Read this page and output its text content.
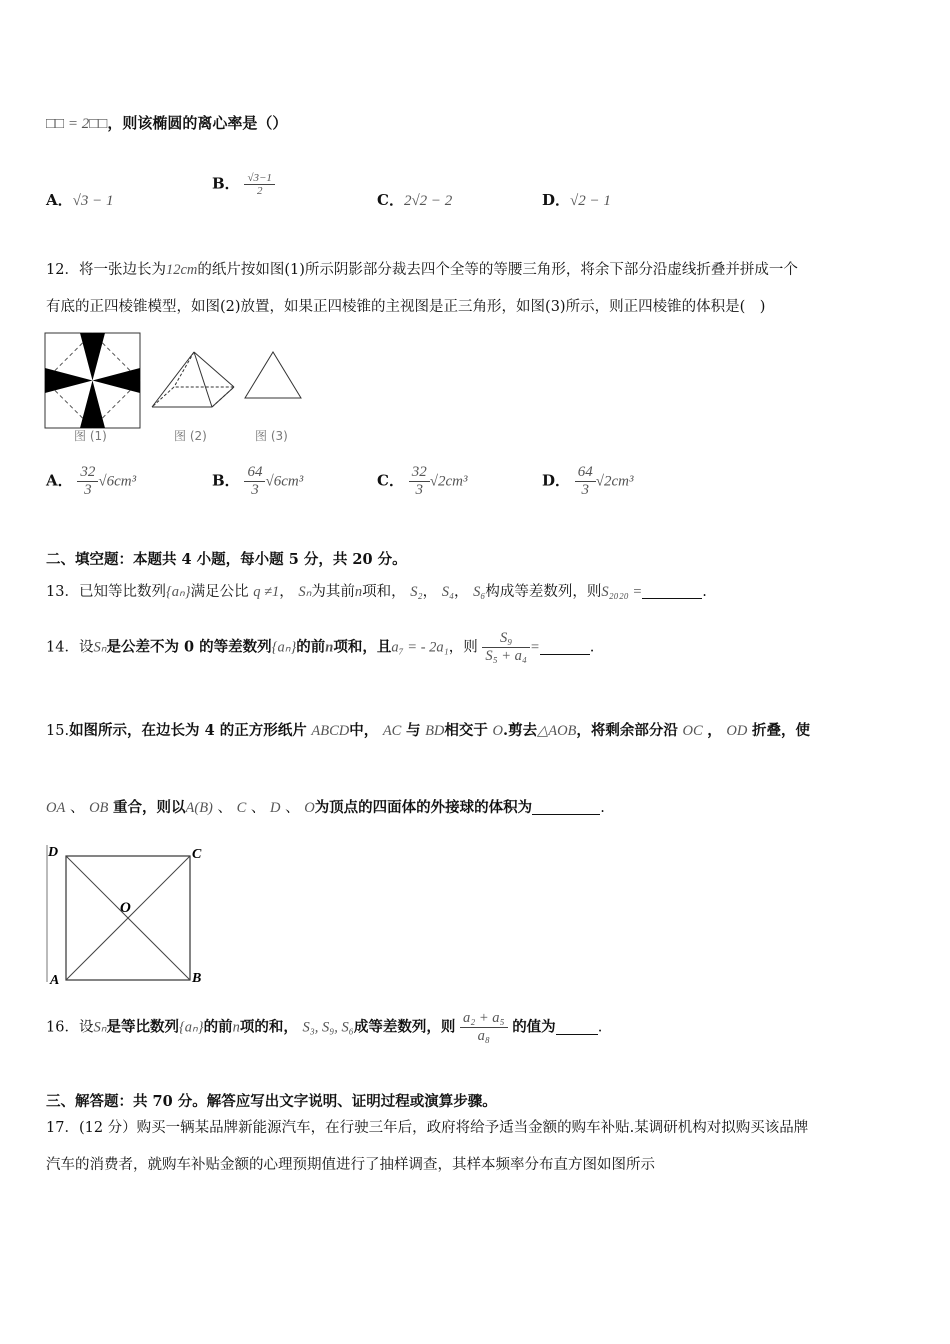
□□ = 2□□，则该椭圆的离心率是（）
A．√3 − 1
B． $\frac{√3-1}{2}$
C．2√2 − 2	D．√2 − 1
12．将一张边长为12cm的纸片按如图(1)所示阴影部分裁去四个全等的等腰三角形，将余下部分沿虚线折叠并拼成一个
有底的正四棱锥模型，如图(2)放置，如果正四棱锥的主视图是正三角形，如图(3)所示，则正四棱锥的体积是(　)
图 (1)	图 (2)	图 (3)
A． $\frac{32}{3} √6cm^3$	B． $\frac{64}{3} √6cm^3$	C． $\frac{32}{3} √2cm^3$	D． $\frac{64}{3} √2cm^3$
二、填空题：本题共 4 小题，每小题 5 分，共 20 分。
13．已知等比数列{aₙ}满足公比 q ≠1， Sₙ为其前n项和， S₂， S₄， S₆构成等差数列，则S₂₀₂₀ =	.
14．设Sₙ是公差不为 0 的等差数列{aₙ}的前n项和，且a₇ = - 2a₁，则 $\frac{\text{S₉}}{\text{S₅ + a₄}}$ =	.
15.如图所示，在边长为 4 的正方形纸片 ABCD中， AC 与 BD相交于 O.剪去△AOB，将剩余部分沿 OC ， OD 折叠，使
OA 、 OB 重合，则以A(B) 、 C 、 D 、 O为顶点的四面体的外接球的体积为	.
D	C
O
A	B
16．设Sₙ是等比数列{aₙ}的前n项的和， S₃, S₉, S₆成等差数列，则 $\frac{\text{a₂ + a₅}}{\text{a₈}}$ 的值为	.
三、解答题：共 70 分。解答应写出文字说明、证明过程或演算步骤。
17．(12 分）购买一辆某品牌新能源汽车，在行驶三年后，政府将给予适当金额的购车补贴.某调研机构对拟购买该品牌
汽车的消费者，就购车补贴金额的心理预期值进行了抽样调查，其样本频率分布直方图如图所示
